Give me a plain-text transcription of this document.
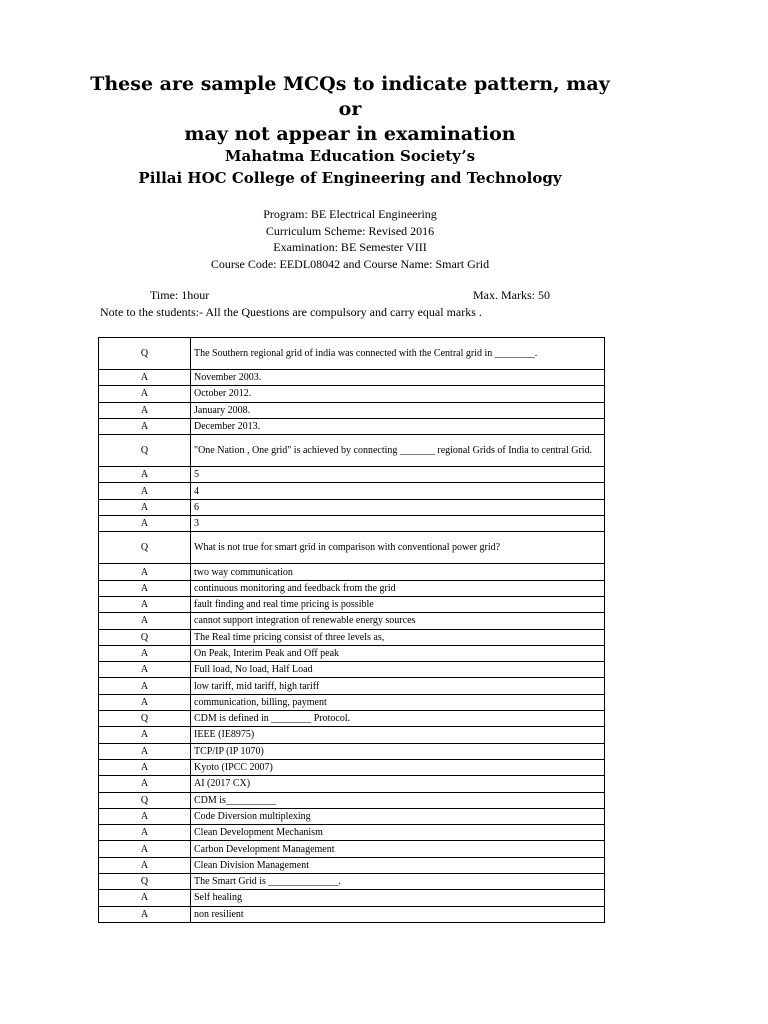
These are sample MCQs to indicate pattern, may or
may not appear in examination
Mahatma Education Society’s
Pillai HOC College of Engineering and Technology
Program: BE Electrical Engineering
Curriculum Scheme: Revised 2016
Examination: BE Semester VIII
Course Code: EEDL08042 and Course Name: Smart Grid
Time: 1hour	Max. Marks: 50
Note to the students:- All the Questions are compulsory and carry equal marks .
Q	The Southern regional grid of india was connected with the Central grid in ________.
A	November 2003.
A	October 2012.
A	January 2008.
A	December 2013.
Q	"One Nation , One grid" is achieved by connecting _______ regional Grids of India to central Grid.
A	5
A	4
A	6
A	3
Q	What is not true for smart grid in comparison with conventional power grid?
A	two way communication
A	continuous monitoring and feedback from the grid
A	fault finding and real time pricing is possible
A	cannot support integration of renewable energy sources
Q	The Real time pricing consist of three levels as,
A	On Peak, Interim Peak and Off peak
A	Full load, No load, Half Load
A	low tariff, mid tariff, high tariff
A	communication, billing, payment
Q	CDM is defined in ________ Protocol.
A	IEEE (IE8975)
A	TCP/IP (IP 1070)
A	Kyoto (IPCC 2007)
A	AI (2017 CX)
Q	CDM is__________
A	Code Diversion multiplexing
A	Clean Development Mechanism
A	Carbon Development Management
A	Clean Division Management
Q	The Smart Grid is ______________.
A	Self healing
A	non resilient
